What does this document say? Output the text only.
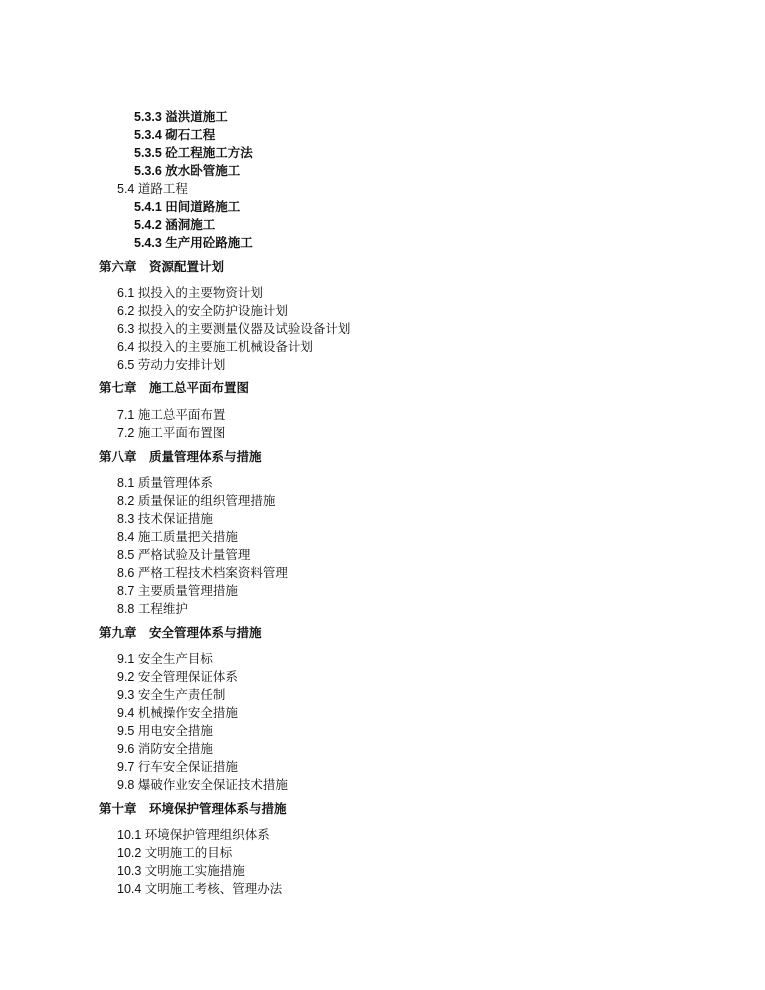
5.3.3 溢洪道施工
5.3.4 砌石工程
5.3.5 砼工程施工方法
5.3.6 放水卧管施工
5.4 道路工程
5.4.1 田间道路施工
5.4.2 涵洞施工
5.4.3 生产用砼路施工
第六章　资源配置计划
6.1 拟投入的主要物资计划
6.2 拟投入的安全防护设施计划
6.3 拟投入的主要测量仪器及试验设备计划
6.4 拟投入的主要施工机械设备计划
6.5 劳动力安排计划
第七章　施工总平面布置图
7.1 施工总平面布置
7.2 施工平面布置图
第八章　质量管理体系与措施
8.1 质量管理体系
8.2 质量保证的组织管理措施
8.3 技术保证措施
8.4 施工质量把关措施
8.5 严格试验及计量管理
8.6 严格工程技术档案资料管理
8.7 主要质量管理措施
8.8 工程维护
第九章　安全管理体系与措施
9.1 安全生产目标
9.2 安全管理保证体系
9.3 安全生产责任制
9.4 机械操作安全措施
9.5 用电安全措施
9.6 消防安全措施
9.7 行车安全保证措施
9.8 爆破作业安全保证技术措施
第十章　环境保护管理体系与措施
10.1 环境保护管理组织体系
10.2 文明施工的目标
10.3 文明施工实施措施
10.4 文明施工考核、管理办法
